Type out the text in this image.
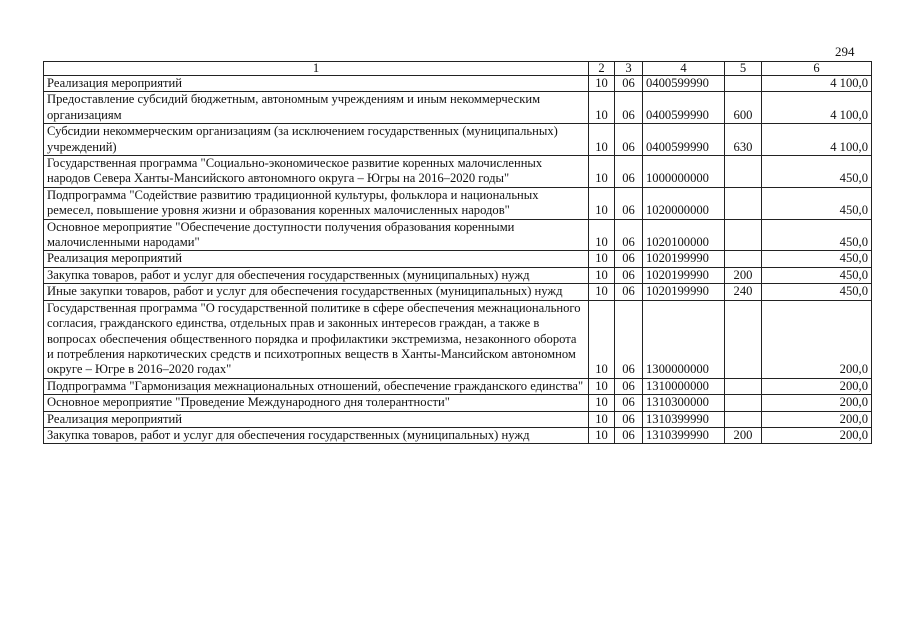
294
1	2	3	4	5	6
Реализация мероприятий	10	06	0400599990		4 100,0
Предоставление субсидий бюджетным, автономным учреждениям и иным некоммерческим организациям	10	06	0400599990	600	4 100,0
Субсидии некоммерческим организациям (за исключением государственных (муниципальных) учреждений)	10	06	0400599990	630	4 100,0
Государственная программа "Социально-экономическое развитие коренных малочисленных народов Севера Ханты-Мансийского автономного округа – Югры на 2016–2020 годы"	10	06	1000000000		450,0
Подпрограмма "Содействие развитию традиционной культуры, фольклора и национальных ремесел, повышение уровня жизни и образования коренных малочисленных народов"	10	06	1020000000		450,0
Основное мероприятие "Обеспечение доступности получения образования коренными малочисленными народами"	10	06	1020100000		450,0
Реализация мероприятий	10	06	1020199990		450,0
Закупка товаров, работ и услуг для обеспечения государственных (муниципальных) нужд	10	06	1020199990	200	450,0
Иные закупки товаров, работ и услуг для обеспечения государственных (муниципальных) нужд	10	06	1020199990	240	450,0
Государственная программа "О государственной политике в сфере обеспечения межнационального согласия, гражданского единства, отдельных прав и законных интересов граждан, а также в вопросах обеспечения общественного порядка и профилактики экстремизма, незаконного оборота и потребления наркотических средств и психотропных веществ в Ханты-Мансийском автономном округе – Югре в 2016–2020 годах"	10	06	1300000000		200,0
Подпрограмма "Гармонизация межнациональных отношений, обеспечение гражданского единства"	10	06	1310000000		200,0
Основное мероприятие "Проведение Международного дня толерантности"	10	06	1310300000		200,0
Реализация мероприятий	10	06	1310399990		200,0
Закупка товаров, работ и услуг для обеспечения государственных (муниципальных) нужд	10	06	1310399990	200	200,0
